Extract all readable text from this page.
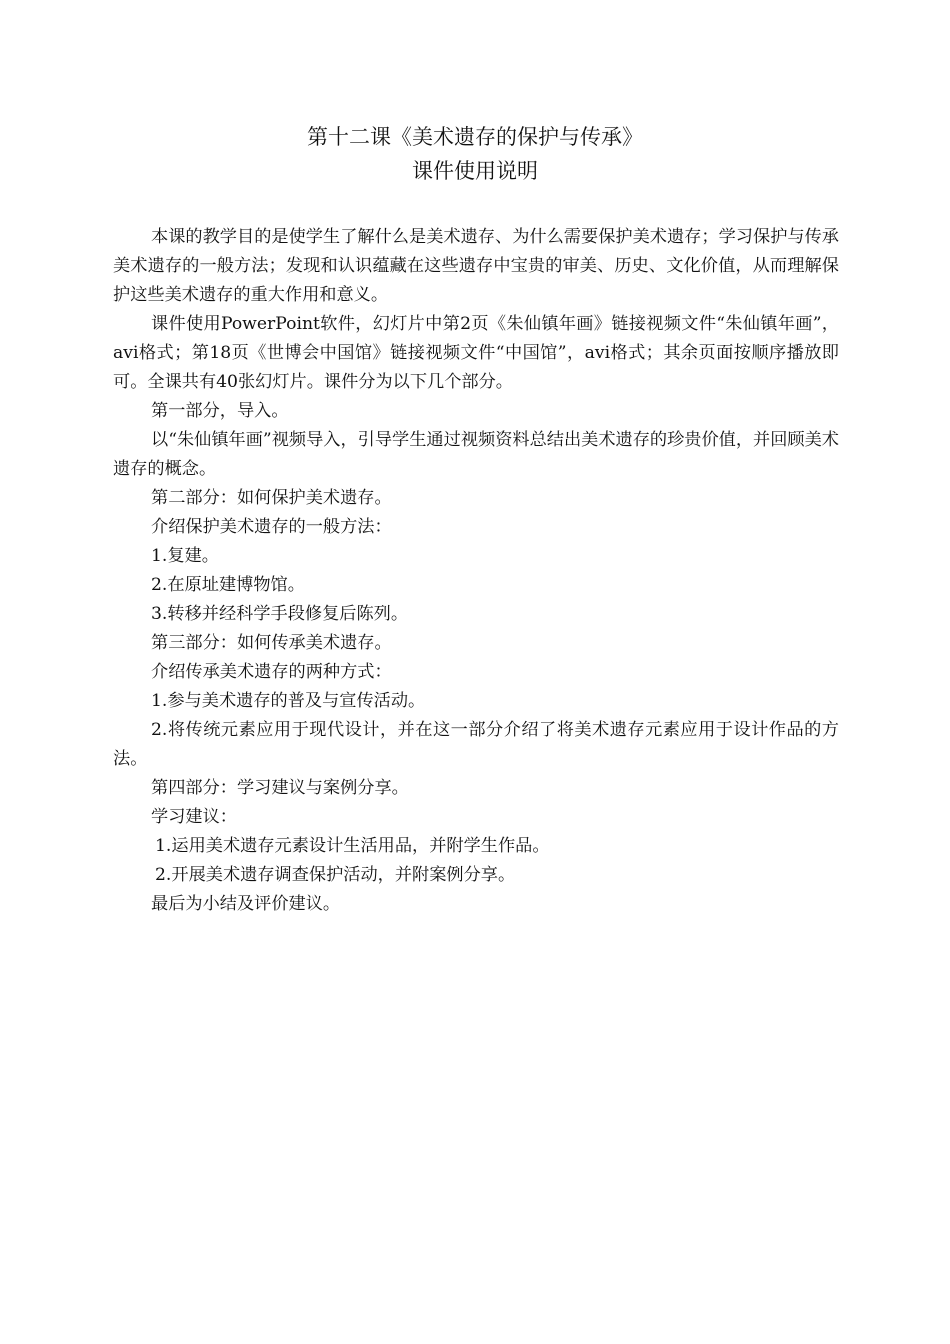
第十二课《美术遗存的保护与传承》
课件使用说明

本课的教学目的是使学生了解什么是美术遗存、为什么需要保护美术遗存；学习保护与传承美术遗存的一般方法；发现和认识蕴藏在这些遗存中宝贵的审美、历史、文化价值，从而理解保护这些美术遗存的重大作用和意义。

课件使用PowerPoint软件，幻灯片中第2页《朱仙镇年画》链接视频文件“朱仙镇年画”，avi格式；第18页《世博会中国馆》链接视频文件“中国馆”，avi格式；其余页面按顺序播放即可。全课共有40张幻灯片。课件分为以下几个部分。

第一部分，导入。

以“朱仙镇年画”视频导入，引导学生通过视频资料总结出美术遗存的珍贵价值，并回顾美术遗存的概念。

第二部分：如何保护美术遗存。

介绍保护美术遗存的一般方法：

1.复建。

2.在原址建博物馆。

3.转移并经科学手段修复后陈列。

第三部分：如何传承美术遗存。

介绍传承美术遗存的两种方式：

1.参与美术遗存的普及与宣传活动。

2.将传统元素应用于现代设计，并在这一部分介绍了将美术遗存元素应用于设计作品的方法。

第四部分：学习建议与案例分享。

学习建议：

1.运用美术遗存元素设计生活用品，并附学生作品。

2.开展美术遗存调查保护活动，并附案例分享。

最后为小结及评价建议。
